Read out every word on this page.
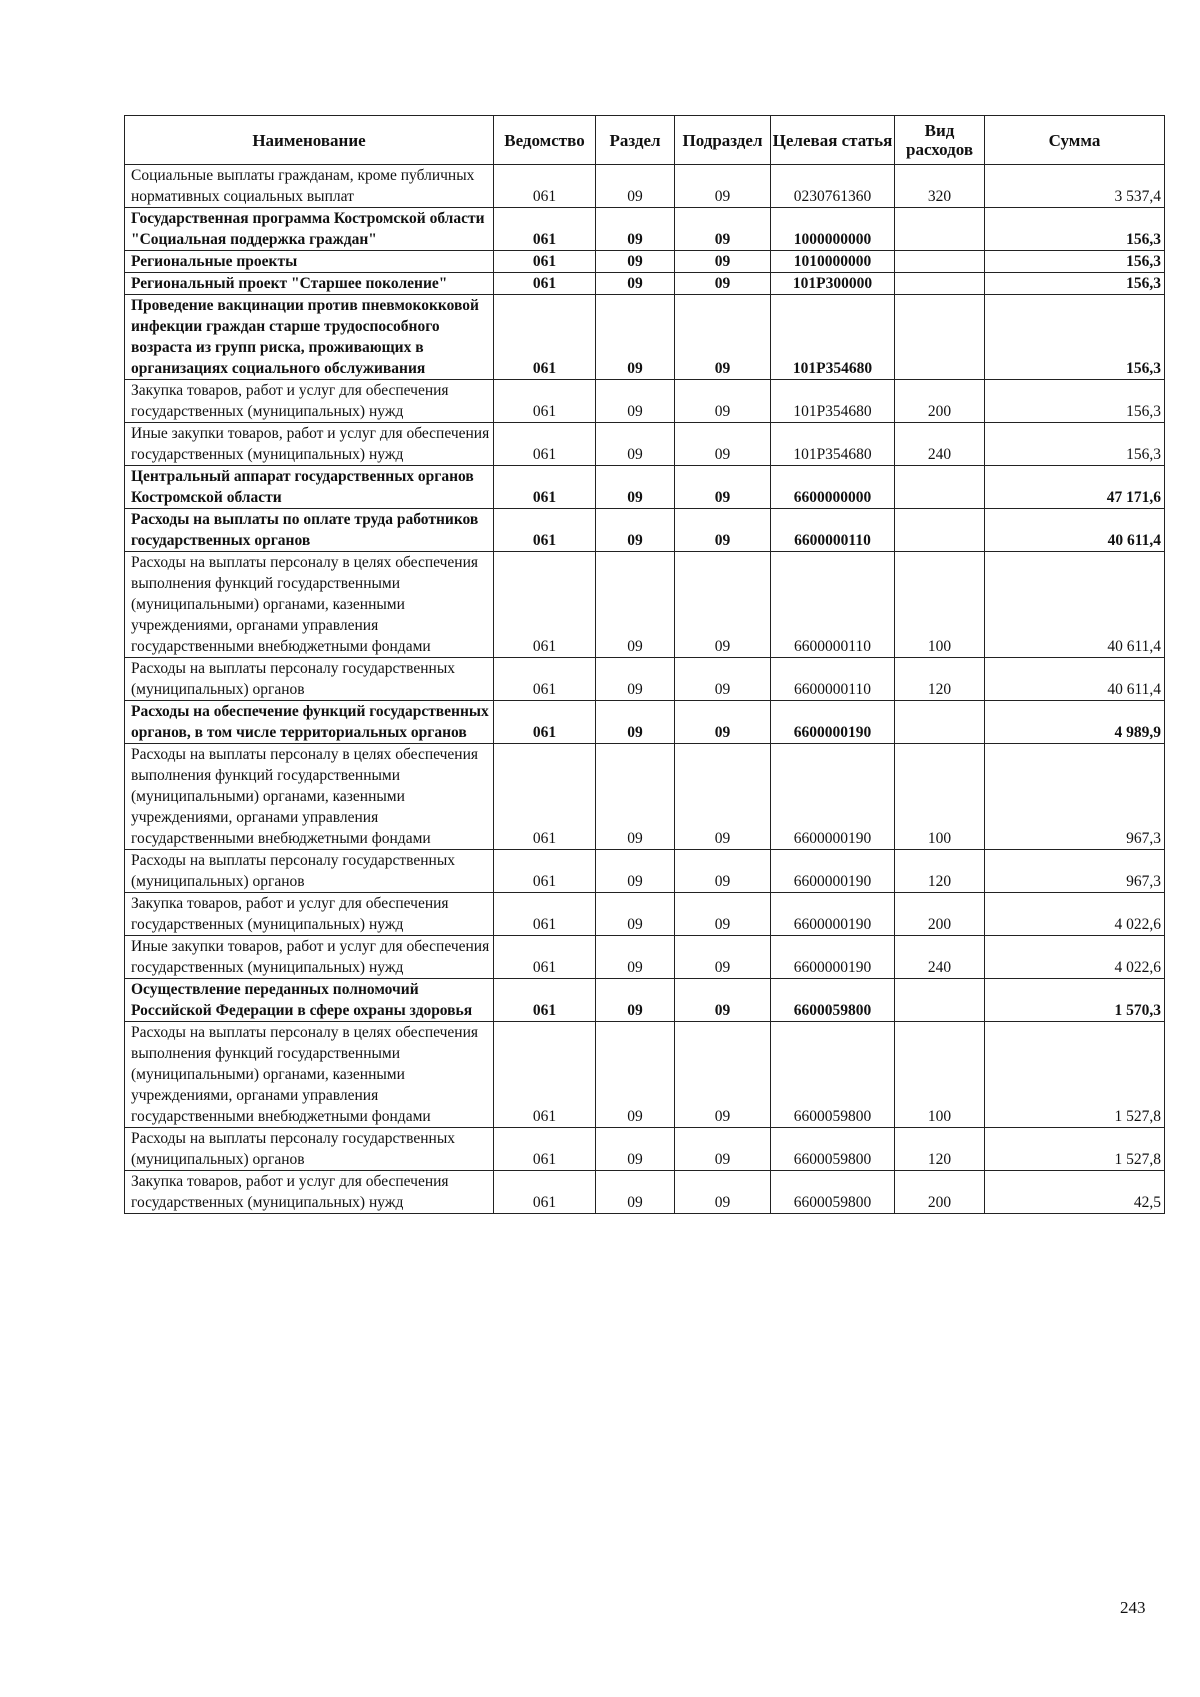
Наименование	Ведомство	Раздел	Подраздел	Целевая статья	Вид расходов	Сумма
Социальные выплаты гражданам, кроме публичных нормативных социальных выплат	061	09	09	0230761360	320	3 537,4
Государственная программа Костромской области "Социальная поддержка граждан"	061	09	09	1000000000		156,3
Региональные проекты	061	09	09	1010000000		156,3
Региональный проект "Старшее поколение"	061	09	09	101P300000		156,3
Проведение вакцинации против пневмококковой инфекции граждан старше трудоспособного возраста из групп риска, проживающих в организациях социального обслуживания	061	09	09	101P354680		156,3
Закупка товаров, работ и услуг для обеспечения государственных (муниципальных) нужд	061	09	09	101P354680	200	156,3
Иные закупки товаров, работ и услуг для обеспечения государственных (муниципальных) нужд	061	09	09	101P354680	240	156,3
Центральный аппарат государственных органов Костромской области	061	09	09	6600000000		47 171,6
Расходы на выплаты по оплате труда работников государственных органов	061	09	09	6600000110		40 611,4
Расходы на выплаты персоналу в целях обеспечения выполнения функций государственными (муниципальными) органами, казенными учреждениями, органами управления государственными внебюджетными фондами	061	09	09	6600000110	100	40 611,4
Расходы на выплаты персоналу государственных (муниципальных) органов	061	09	09	6600000110	120	40 611,4
Расходы на обеспечение функций государственных органов, в том числе территориальных органов	061	09	09	6600000190		4 989,9
Расходы на выплаты персоналу в целях обеспечения выполнения функций государственными (муниципальными) органами, казенными учреждениями, органами управления государственными внебюджетными фондами	061	09	09	6600000190	100	967,3
Расходы на выплаты персоналу государственных (муниципальных) органов	061	09	09	6600000190	120	967,3
Закупка товаров, работ и услуг для обеспечения государственных (муниципальных) нужд	061	09	09	6600000190	200	4 022,6
Иные закупки товаров, работ и услуг для обеспечения государственных (муниципальных) нужд	061	09	09	6600000190	240	4 022,6
Осуществление переданных полномочий Российской Федерации в сфере охраны здоровья	061	09	09	6600059800		1 570,3
Расходы на выплаты персоналу в целях обеспечения выполнения функций государственными (муниципальными) органами, казенными учреждениями, органами управления государственными внебюджетными фондами	061	09	09	6600059800	100	1 527,8
Расходы на выплаты персоналу государственных (муниципальных) органов	061	09	09	6600059800	120	1 527,8
Закупка товаров, работ и услуг для обеспечения государственных (муниципальных) нужд	061	09	09	6600059800	200	42,5
243
